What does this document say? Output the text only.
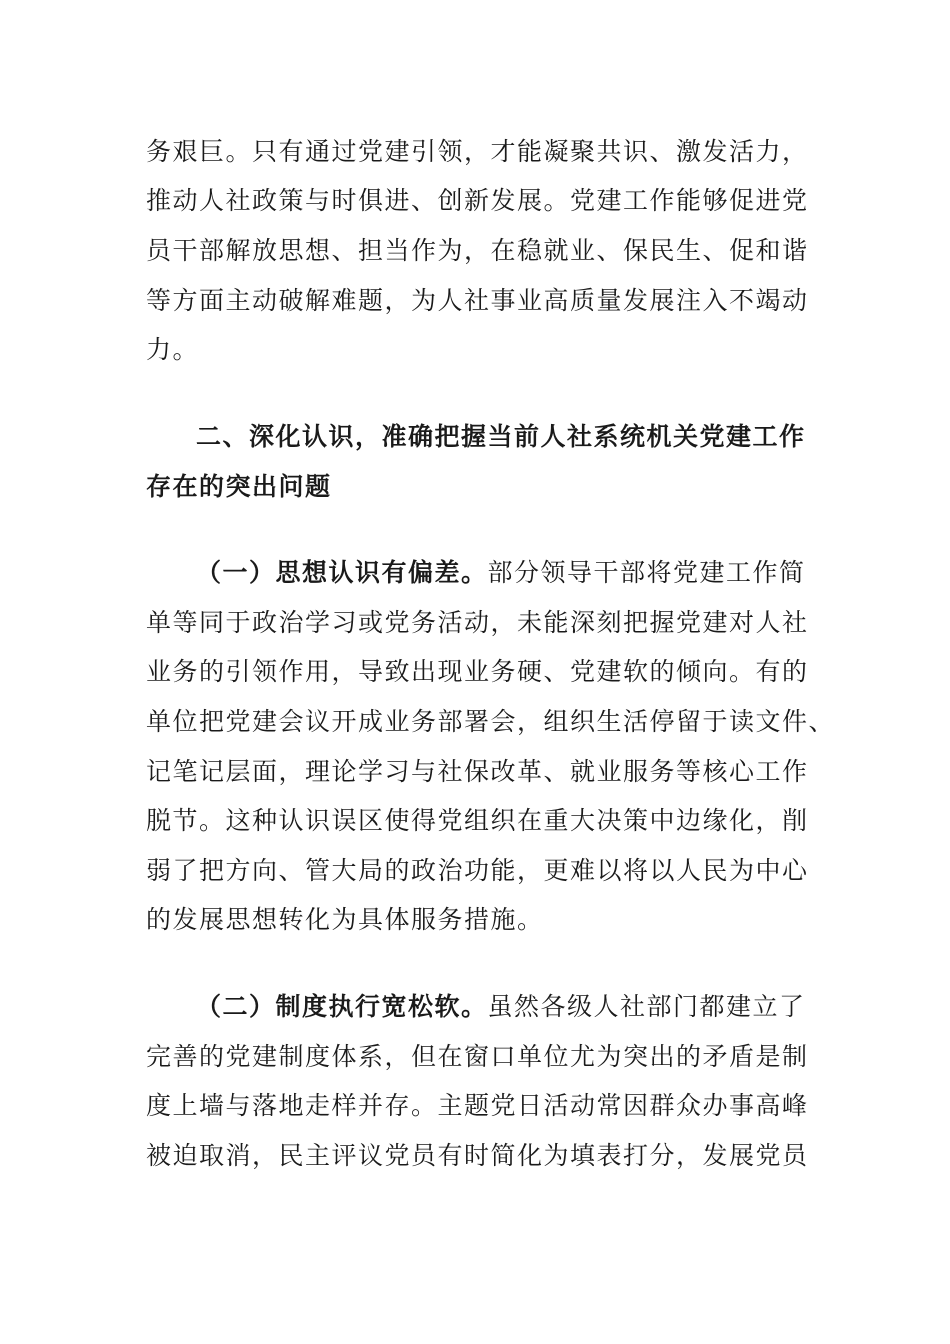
务艰巨。只有通过党建引领，才能凝聚共识、激发活力，

推动人社政策与时俱进、创新发展。党建工作能够促进党

员干部解放思想、担当作为，在稳就业、保民生、促和谐

等方面主动破解难题，为人社事业高质量发展注入不竭动

力。

二、深化认识，准确把握当前人社系统机关党建工作

存在的突出问题

（一）思想认识有偏差。部分领导干部将党建工作简

单等同于政治学习或党务活动，未能深刻把握党建对人社

业务的引领作用，导致出现业务硬、党建软的倾向。有的

单位把党建会议开成业务部署会，组织生活停留于读文件、

记笔记层面，理论学习与社保改革、就业服务等核心工作

脱节。这种认识误区使得党组织在重大决策中边缘化，削

弱了把方向、管大局的政治功能，更难以将以人民为中心

的发展思想转化为具体服务措施。

（二）制度执行宽松软。虽然各级人社部门都建立了

完善的党建制度体系，但在窗口单位尤为突出的矛盾是制

度上墙与落地走样并存。主题党日活动常因群众办事高峰

被迫取消，民主评议党员有时简化为填表打分，发展党员
